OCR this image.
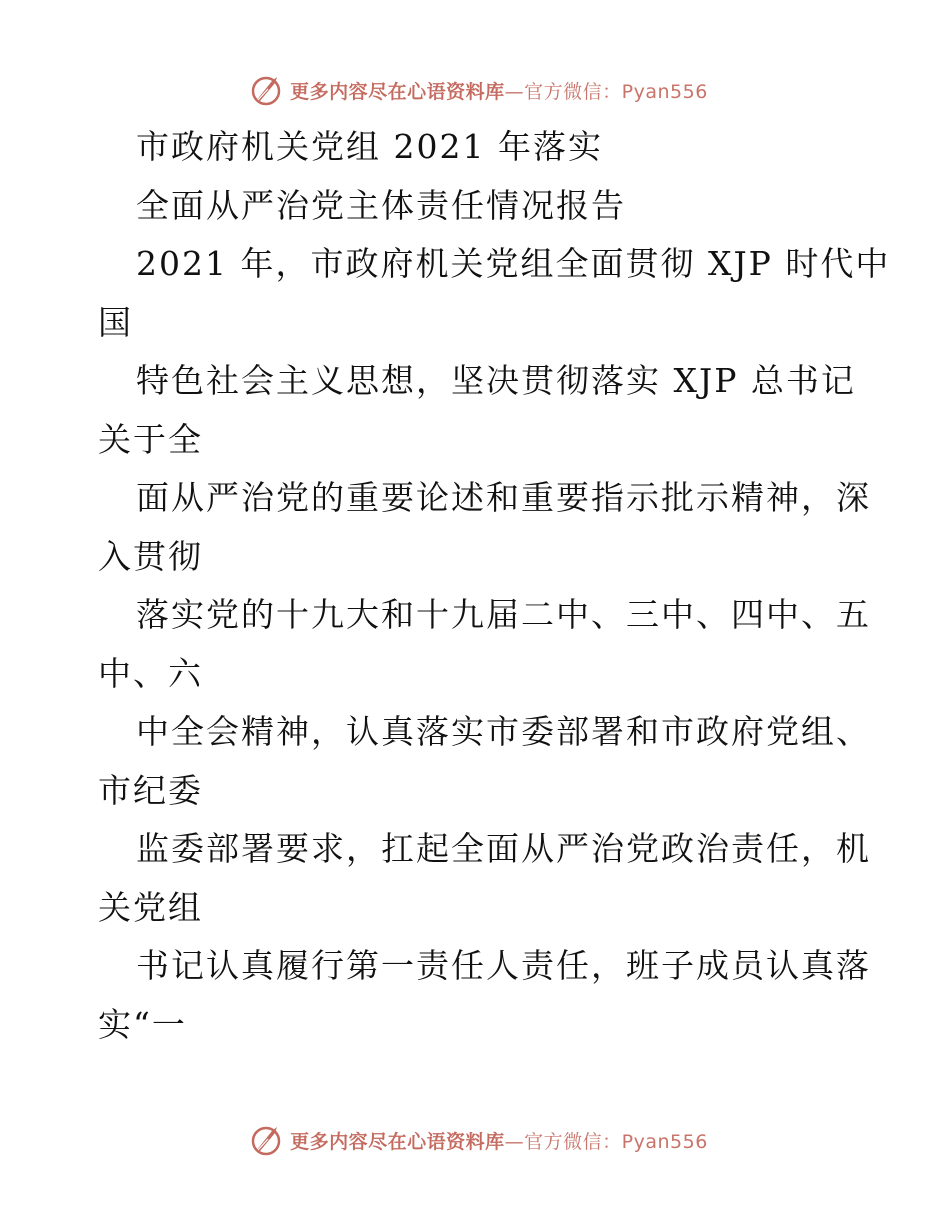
更多内容尽在心语资料库—官方微信：Pyan556
市政府机关党组 2021 年落实
全面从严治党主体责任情况报告
2021 年，市政府机关党组全面贯彻 XJP 时代中
国
特色社会主义思想，坚决贯彻落实 XJP 总书记
关于全
面从严治党的重要论述和重要指示批示精神，深
入贯彻
落实党的十九大和十九届二中、三中、四中、五
中、六
中全会精神，认真落实市委部署和市政府党组、
市纪委
监委部署要求，扛起全面从严治党政治责任，机
关党组
书记认真履行第一责任人责任，班子成员认真落
实“一
更多内容尽在心语资料库—官方微信：Pyan556
